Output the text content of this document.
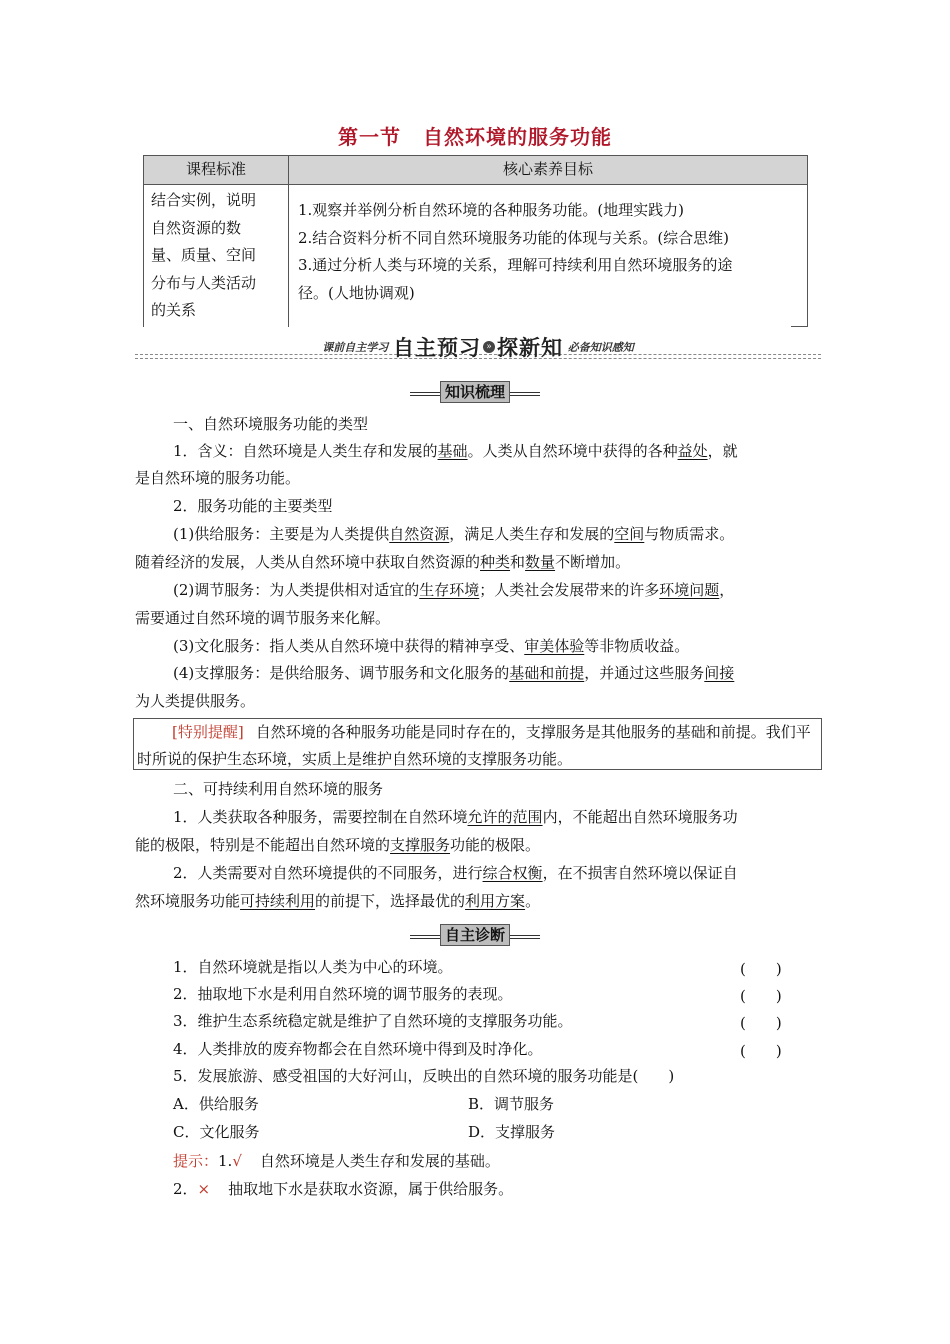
第一节 自然环境的服务功能
课程标准	核心素养目标
结合实例，说明
自然资源的数
量、质量、空间
分布与人类活动
的关系
1.观察并举例分析自然环境的各种服务功能。(地理实践力)
2.结合资料分析不同自然环境服务功能的体现与关系。(综合思维)
3.通过分析人类与环境的关系，理解可持续利用自然环境服务的途
径。(人地协调观)
课前自主学习 自主预习 » 探新知 必备知识感知
知识梳理
一、自然环境服务功能的类型
1．含义：自然环境是人类生存和发展的基础。人类从自然环境中获得的各种益处，就
是自然环境的服务功能。
2．服务功能的主要类型
(1)供给服务：主要是为人类提供自然资源，满足人类生存和发展的空间与物质需求。
随着经济的发展，人类从自然环境中获取自然资源的种类和数量不断增加。
(2)调节服务：为人类提供相对适宜的生存环境；人类社会发展带来的许多环境问题，
需要通过自然环境的调节服务来化解。
(3)文化服务：指人类从自然环境中获得的精神享受、审美体验等非物质收益。
(4)支撑服务：是供给服务、调节服务和文化服务的基础和前提，并通过这些服务间接
为人类提供服务。
[特别提醒] 自然环境的各种服务功能是同时存在的，支撑服务是其他服务的基础和前提。我们平时所说的保护生态环境，实质上是维护自然环境的支撑服务功能。
二、可持续利用自然环境的服务
1．人类获取各种服务，需要控制在自然环境允许的范围内，不能超出自然环境服务功
能的极限，特别是不能超出自然环境的支撑服务功能的极限。
2．人类需要对自然环境提供的不同服务，进行综合权衡，在不损害自然环境以保证自
然环境服务功能可持续利用的前提下，选择最优的利用方案。
自主诊断
1．自然环境就是指以人类为中心的环境。	(　　)
2．抽取地下水是利用自然环境的调节服务的表现。	(　　)
3．维护生态系统稳定就是维护了自然环境的支撑服务功能。	(　　)
4．人类排放的废弃物都会在自然环境中得到及时净化。	(　　)
5．发展旅游、感受祖国的大好河山，反映出的自然环境的服务功能是(　　)
A．供给服务	B．调节服务
C．文化服务	D．支撑服务
提示：1.√ 自然环境是人类生存和发展的基础。
2．× 抽取地下水是获取水资源，属于供给服务。
